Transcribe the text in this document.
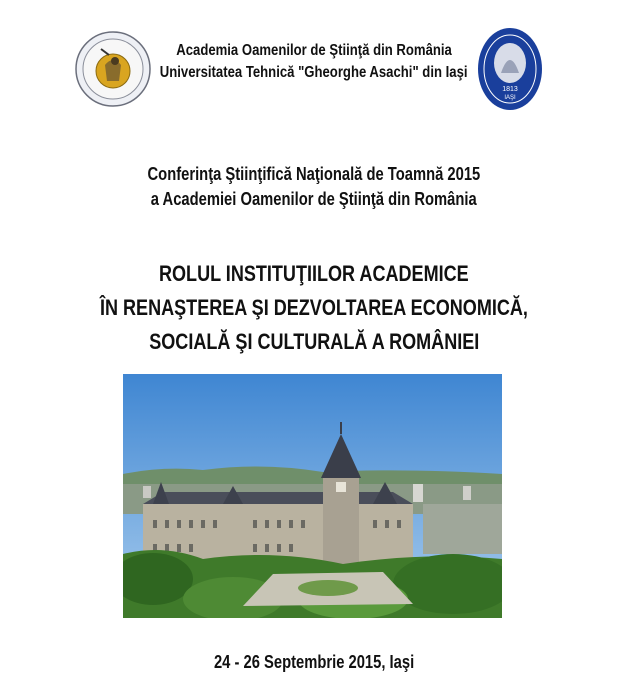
1813
IAŞI
Academia Oamenilor de Ştiinţă din România
Universitatea Tehnică "Gheorghe Asachi" din Iaşi
Conferinţa Ştiinţifică Naţională de Toamnă 2015
a Academiei Oamenilor de Ştiinţă din România
ROLUL INSTITUŢIILOR ACADEMICE
ÎN RENAŞTEREA ŞI DEZVOLTAREA ECONOMICĂ,
SOCIALĂ ŞI CULTURALĂ A ROMÂNIEI
24 - 26 Septembrie 2015, Iaşi
